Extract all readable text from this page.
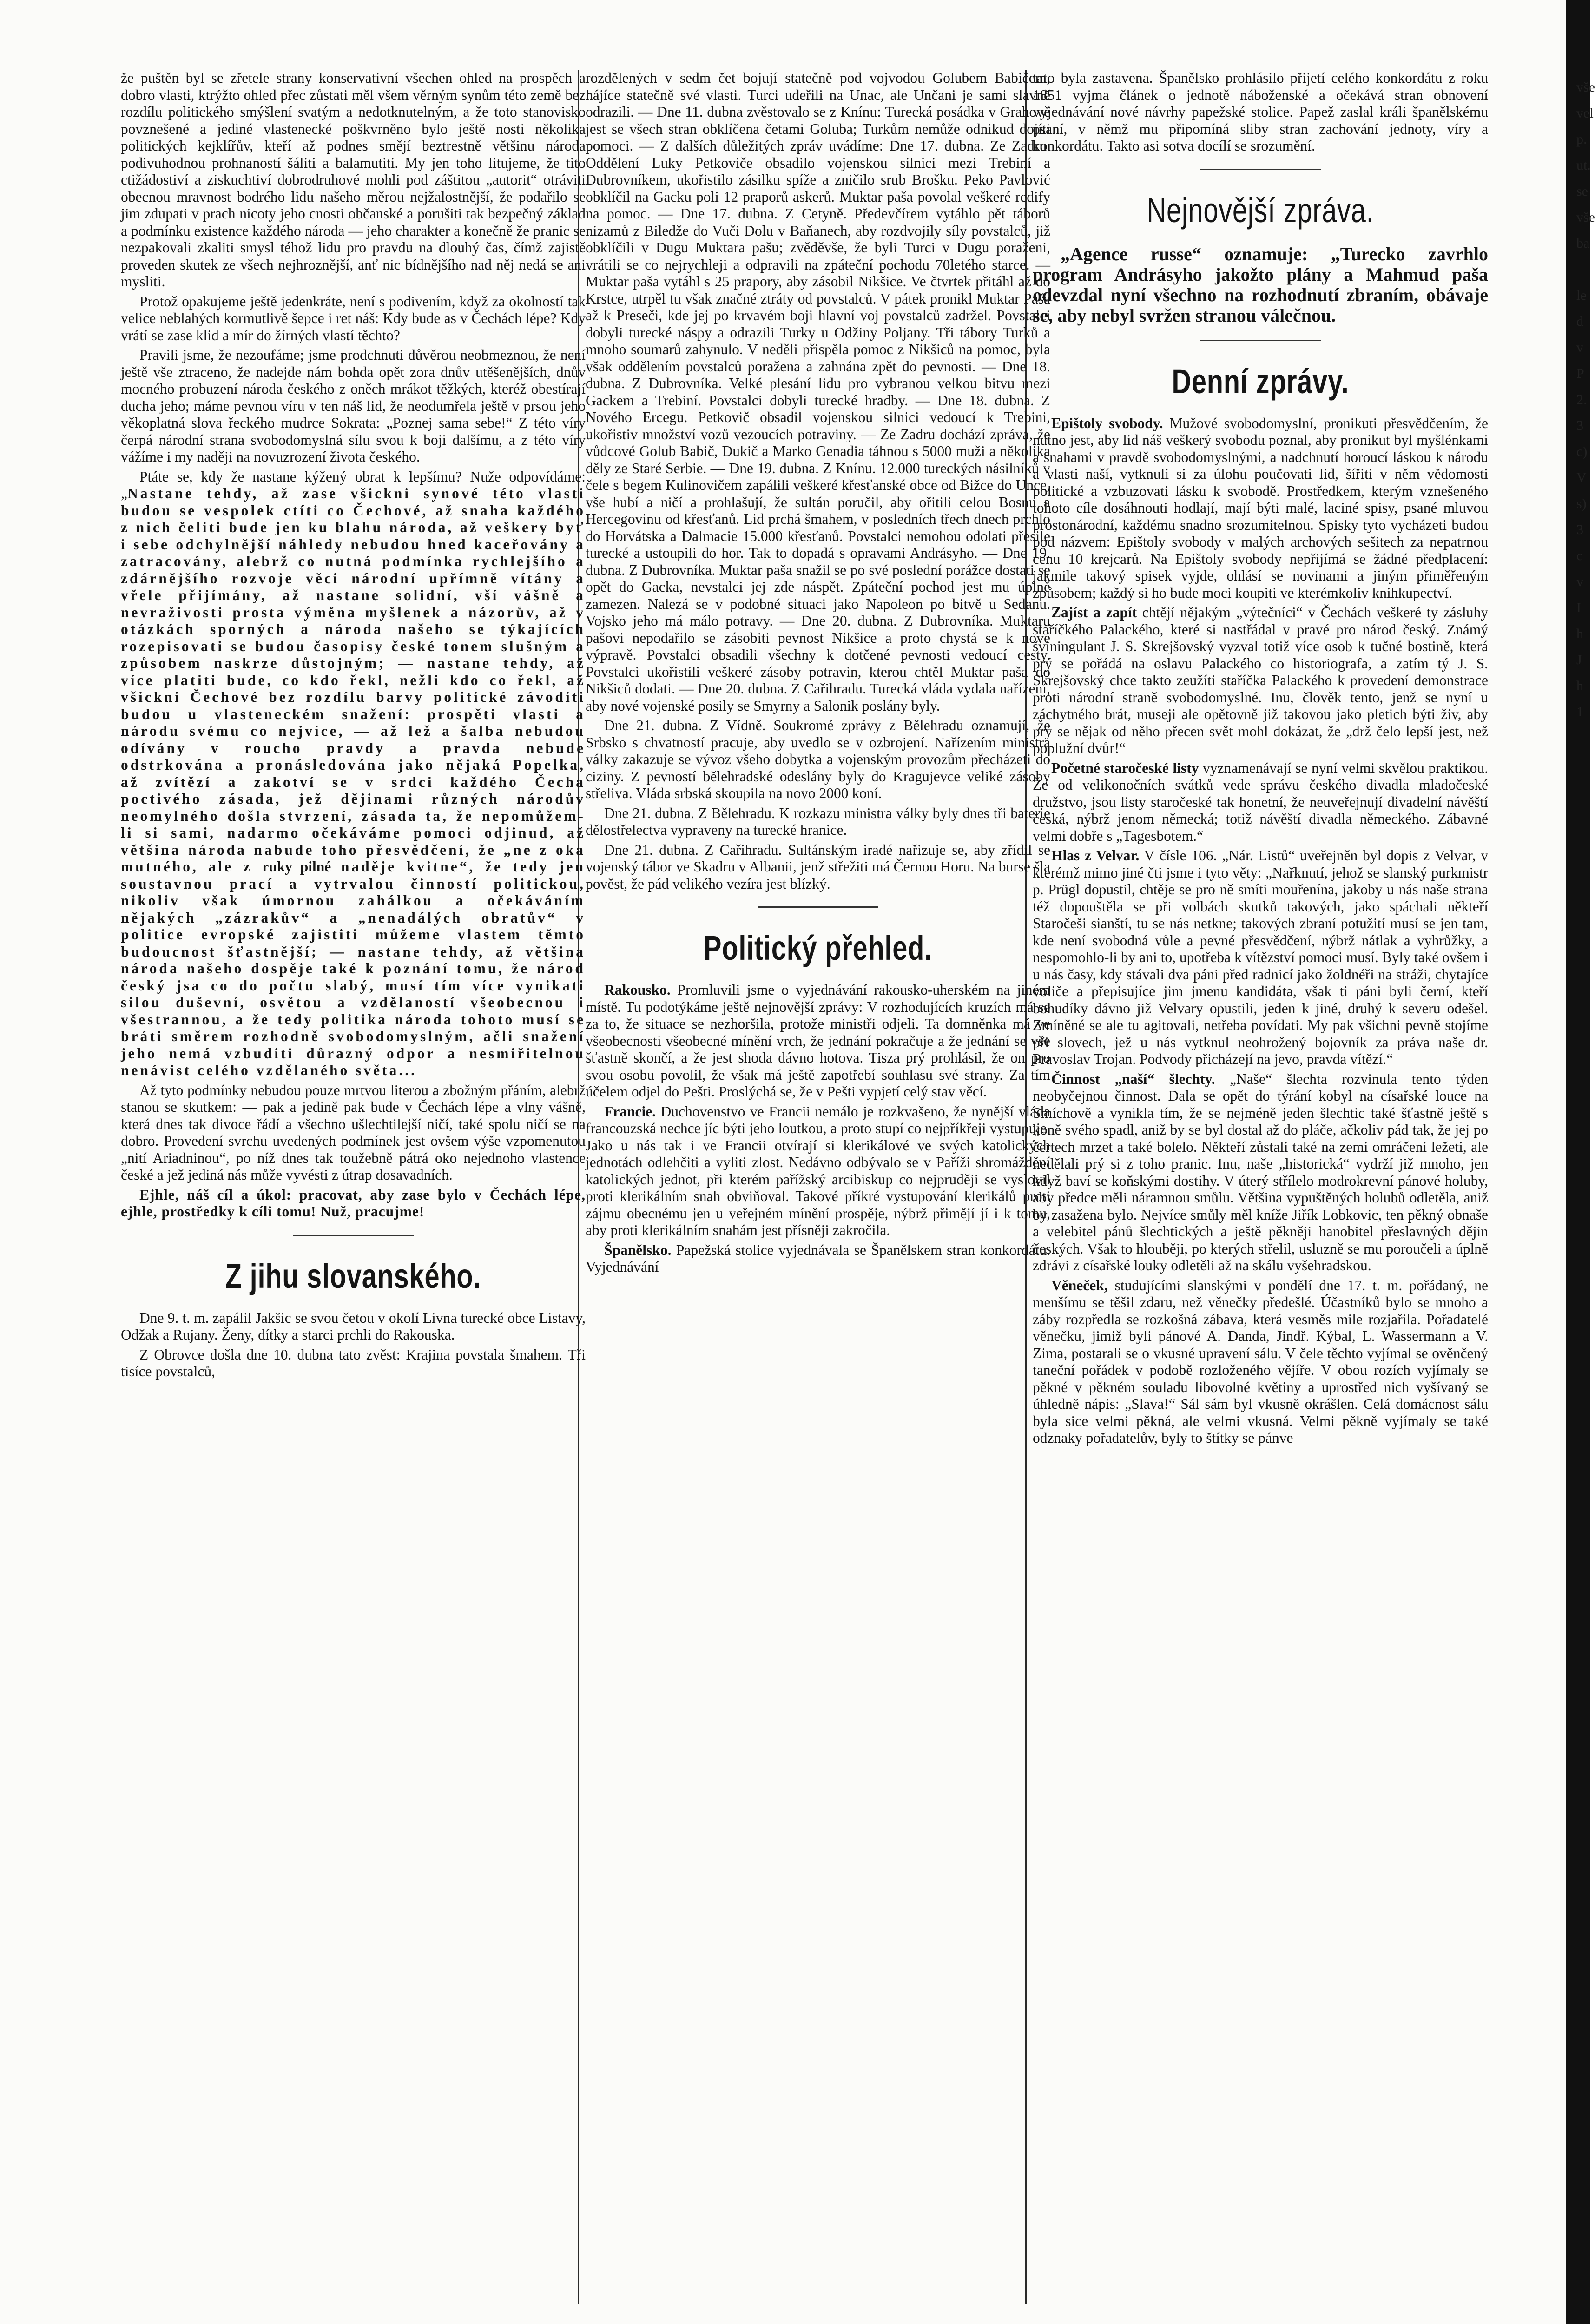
že puštěn byl se zřetele strany konservativní všechen ohled na prospěch a dobro vlasti, ktrýžto ohled přec zůstati měl všem věrným synům této země bez rozdílu politického smýšlení svatým a nedotknutelným, a že toto stanovisko povznešené a jediné vlastenecké poškvrněno bylo ještě nosti několika politických kejklířův, kteří až podnes smějí beztrestně většinu národa podivuhodnou prohnaností šáliti a balamutiti. My jen toho litujeme, že tito ctižádostiví a ziskuchtiví dobrodruhové mohli pod záštitou „autorit“ otráviti obecnou mravnost bodrého lidu našeho měrou nejžalostnější, že podařilo se jim zdupati v prach nicoty jeho cnosti občanské a porušiti tak bezpečný základ a podmínku existence každého národa — jeho charakter a konečně že pranic se nezpakovali zkaliti smysl téhož lidu pro pravdu na dlouhý čas, čímž zajistě proveden skutek ze všech nejhroznější, anť nic bídnějšího nad něj nedá se ani mysliti.

Protož opakujeme ještě jedenkráte, není s podivením, když za okolností tak velice neblahých kormutlivě šepce i ret náš: Kdy bude as v Čechách lépe? Kdy vrátí se zase klid a mír do žírných vlastí těchto?

Pravili jsme, že nezoufáme; jsme prodchnuti důvěrou neobmeznou, že není ještě vše ztraceno, že nadejde nám bohda opět zora dnův utěšenějších, dnův mocného probuzení národa českého z oněch mrákot těžkých, kteréž obestírají ducha jeho; máme pevnou víru v ten náš lid, že neodumřela ještě v prsou jeho věkoplatná slova řeckého mudrce Sokrata: „Poznej sama sebe!“ Z této víry čerpá národní strana svobodomyslná sílu svou k boji dalšímu, a z této víry vážíme i my naději na novuzrození života českého.

Ptáte se, kdy že nastane kýžený obrat k lepšímu? Nuže odpovídáme: „Nastane tehdy, až zase všickni synové této vlasti budou se vespolek ctíti co Čechové, až snaha každého z nich čeliti bude jen ku blahu národa, až veškery byť i sebe odchylnější náhledy nebudou hned kaceřovány a zatracovány, alebrž co nutná podmínka rychlejšího a zdárnějšího rozvoje věci národní upřímně vítány a vřele přijímány, až nastane solidní, vší vášně a nevraživosti prosta výměna myšlenek a názorův, až v otázkách sporných a národa našeho se týkajících rozepisovati se budou časopisy české tonem slušným a způsobem naskrze důstojným; — nastane tehdy, až více platiti bude, co kdo řekl, nežli kdo co řekl, až všickni Čechové bez rozdílu barvy politické závoditi budou u vlasteneckém snažení: prospěti vlasti a národu svému co nejvíce, — až lež a šalba nebudou odívány v roucho pravdy a pravda nebude odstrkována a pronásledována jako nějaká Popelka, až zvítězí a zakotví se v srdci každého Čecha poctivého zásada, jež dějinami různých národův neomylného došla stvrzení, zásada ta, že nepomůžem-li si sami, nadarmo očekáváme pomoci odjinud, až většina národa nabude toho přesvědčení, že „ne z oka mutného, ale z ruky pilné naděje kvitne“, že tedy jen soustavnou prací a vytrvalou činností politickou, nikoliv však úmornou zahálkou a očekáváním nějakých „zázrakův“ a „nenadálých obratův“ v politice evropské zajistiti můžeme vlastem těmto budoucnost šťastnější; — nastane tehdy, až většina národa našeho dospěje také k poznání tomu, že národ český jsa co do počtu slabý, musí tím více vynikati silou duševní, osvětou a vzdělaností všeobecnou i všestrannou, a že tedy politika národa tohoto musí se bráti směrem rozhodně svobodomyslným, ačli snažení jeho nemá vzbuditi důrazný odpor a nesmiřitelnou nenávist celého vzdělaného světa...

Až tyto podmínky nebudou pouze mrtvou literou a zbožným přáním, alebrž stanou se skutkem: — pak a jedině pak bude v Čechách lépe a vlny vášně, která dnes tak divoce řádí a všechno ušlechtilejší ničí, také spolu ničí se na dobro. Provedení svrchu uvedených podmínek jest ovšem výše vzpomenutou „nití Ariadninou“, po níž dnes tak toužebně pátrá oko nejednoho vlastence české a jež jediná nás může vyvésti z útrap dosavadních.

Ejhle, náš cíl a úkol: pracovat, aby zase bylo v Čechách lépe, ejhle, prostředky k cíli tomu! Nuž, pracujme!

Z jihu slovanského.

Dne 9. t. m. zapálil Jakšic se svou četou v okolí Livna turecké obce Listavy, Odžak a Rujany. Ženy, dítky a starci prchli do Rakouska.

Z Obrovce došla dne 10. dubna tato zvěst: Krajina povstala šmahem. Tři tisíce povstalců,

rozdělených v sedm čet bojují statečně pod vojvodou Golubem Babičem, hájíce statečně své vlasti. Turci udeřili na Unac, ale Unčani je sami slavně odrazili. — Dne 11. dubna zvěstovalo se z Knínu: Turecká posádka v Grahově jest se všech stran obklíčena četami Goluba; Turkům nemůže odnikud dojíti pomoci. — Z dalších důležitých zpráv uvádíme: Dne 17. dubna. Ze Zadru. Oddělení Luky Petkoviče obsadilo vojenskou silnici mezi Trebiní a Dubrovníkem, ukořistilo zásilku spíže a zničilo srub Brošku. Peko Pavlović obklíčil na Gacku poli 12 praporů askerů. Muktar paša povolal veškeré redify na pomoc. — Dne 17. dubna. Z Cetyně. Předevčírem vytáhlo pět táborů nizamů z Biledže do Vuči Dolu v Baňanech, aby rozdvojily síly povstalců, již obklíčili v Dugu Muktara pašu; zvěděvše, že byli Turci v Dugu poraženi, vrátili se co nejrychleji a odpravili na zpáteční pochodu 70letého starce. — Muktar paša vytáhl s 25 prapory, aby zásobil Nikšice. Ve čtvrtek přitáhl až do Krstce, utrpěl tu však značné ztráty od povstalců. V pátek pronikl Muktar Paša až k Preseči, kde jej po krvavém boji hlavní voj povstalců zadržel. Povstalci dobyli turecké náspy a odrazili Turky u Odžiny Poljany. Tři tábory Turků a mnoho soumarů zahynulo. V neděli přispěla pomoc z Nikšiců na pomoc, byla však oddělením povstalců poražena a zahnána zpět do pevnosti. — Dne 18. dubna. Z Dubrovníka. Velké plesání lidu pro vybranou velkou bitvu mezi Gackem a Trebiní. Povstalci dobyli turecké hradby. — Dne 18. dubna. Z Nového Ercegu. Petkovič obsadil vojenskou silnici vedoucí k Trebini, ukořistiv množství vozů vezoucích potraviny. — Ze Zadru dochází zpráva, že vůdcové Golub Babič, Dukič a Marko Genadia táhnou s 5000 muži a několika děly ze Staré Serbie. — Dne 19. dubna. Z Knínu. 12.000 tureckých násilníků v čele s begem Kulinovičem zapálili veškeré křesťanské obce od Bižce do Unce, vše hubí a ničí a prohlašují, že sultán poručil, aby ořitili celou Bosnu a Hercegovinu od křesťanů. Lid prchá šmahem, v posledních třech dnech prchlo do Horvátska a Dalmacie 15.000 křesťanů. Povstalci nemohou odolati přesile turecké a ustoupili do hor. Tak to dopadá s opravami Andrásyho. — Dne 19. dubna. Z Dubrovníka. Muktar paša snažil se po své poslední porážce dostati se opět do Gacka, nevstalci jej zde náspět. Zpáteční pochod jest mu úplně zamezen. Nalezá se v podobné situaci jako Napoleon po bitvě u Sedanu. Vojsko jeho má málo potravy. — Dne 20. dubna. Z Dubrovníka. Muktaru pašovi nepodařilo se zásobiti pevnost Nikšice a proto chystá se k nové výpravě. Povstalci obsadili všechny k dotčené pevnosti vedoucí cesty. Povstalci ukořistili veškeré zásoby potravin, kterou chtěl Muktar paša do Nikšiců dodati. — Dne 20. dubna. Z Cařihradu. Turecká vláda vydala nařízení, aby nové vojenské posily se Smyrny a Salonik poslány byly.

Dne 21. dubna. Z Vídně. Soukromé zprávy z Bělehradu oznamují, že Srbsko s chvatností pracuje, aby uvedlo se v ozbrojení. Nařízením ministra války zakazuje se vývoz všeho dobytka a vojenským provozům přecházeti do ciziny. Z pevností bělehradské odeslány byly do Kragujevce veliké zásoby střeliva. Vláda srbská skoupila na novo 2000 koní.

Dne 21. dubna. Z Bělehradu. K rozkazu ministra války byly dnes tři baterie dělostřelectva vypraveny na turecké hranice.

Dne 21. dubna. Z Cařihradu. Sultánským iradé nařizuje se, aby zřídil se vojenský tábor ve Skadru v Albanii, jenž střežiti má Černou Horu. Na burse šla pověst, že pád velikého vezíra jest blízký.

Politický přehled.

Rakousko. Promluvili jsme o vyjednávání rakousko-uherském na jiném místě. Tu podotýkáme ještě nejnovější zprávy: V rozhodujících kruzích má se za to, že situace se nezhoršila, protože ministři odjeli. Ta domněnka má ve všeobecnosti všeobecné mínění vrch, že jednání pokračuje a že jednání se vše šťastně skončí, a že jest shoda dávno hotova. Tisza prý prohlásil, že on pro svou osobu povolil, že však má ještě zapotřebí souhlasu své strany. Za tím účelem odjel do Pešti. Proslýchá se, že v Pešti vypjetí celý stav věcí.

Francie. Duchovenstvo ve Francii nemálo je rozkvašeno, že nynější vláda francouzská nechce jíc býti jeho loutkou, a proto stupí co nejpříkřeji vystupuje. Jako u nás tak i ve Francii otvírají si klerikálové ve svých katolických jednotách odlehčiti a vyliti zlost. Nedávno odbývalo se v Paříži shromáždění katolických jednot, při kterém pařížský arcibiskup co nejpruději se vyslovil proti klerikálním snah obviňoval. Takové příkré vystupování klerikálů proti zájmu obecnému jen u veřejném mínění prospěje, nýbrž přimějí jí i k tomu, aby proti klerikálním snahám jest přísněji zakročila.

Španělsko. Papežská stolice vyjednávala se Španělskem stran konkordátu. Vyjednávání

tato byla zastavena. Španělsko prohlásilo přijetí celého konkordátu z roku 1851 vyjma článek o jednotě náboženské a očekává stran obnovení vyjednávání nové návrhy papežské stolice. Papež zaslal králi španělskému psaní, v němž mu připomíná sliby stran zachování jednoty, víry a konkordátu. Takto asi sotva docílí se srozumění.

Nejnovější zpráva.

„Agence russe“ oznamuje: „Turecko zavrhlo program Andrásyho jakožto plány a Mahmud paša odevzdal nyní všechno na rozhodnutí zbraním, obávaje se, aby nebyl svržen stranou válečnou.

Denní zprávy.

Epištoly svobody. Mužové svobodomyslní, pronikuti přesvědčením, že nutno jest, aby lid náš veškerý svobodu poznal, aby pronikut byl myšlénkami a snahami v pravdě svobodomyslnými, a nadchnutí horoucí láskou k národu a vlasti naší, vytknuli si za úlohu poučovati lid, šířiti v něm vědomosti politické a vzbuzovati lásku k svobodě. Prostředkem, kterým vznešeného tohoto cíle dosáhnouti hodlají, mají býti malé, laciné spisy, psané mluvou prostonárodní, každému snadno srozumitelnou. Spisky tyto vycházeti budou pod názvem: Epištoly svobody v malých archových sešitech za nepatrnou cenu 10 krejcarů. Na Epištoly svobody nepřijímá se žádné předplacení: jakmile takový spisek vyjde, ohlásí se novinami a jiným přiměřeným způsobem; každý si ho bude moci koupiti ve kterémkoliv knihkupectví.

Zajíst a zapít chtějí nějakým „výtečníci“ v Čechách veškeré ty zásluhy staříčkého Palackého, které si nastřádal v pravé pro národ český. Známý šviningulant J. S. Skrejšovský vyzval totiž více osob k tučné bostině, která prý se pořádá na oslavu Palackého co historiografa, a zatím tý J. S. Skrejšovský chce takto zeužíti staříčka Palackého k provedení demonstrace proti národní straně svobodomyslné. Inu, člověk tento, jenž se nyní u záchytného brát, museji ale opětovně již takovou jako pletich býti živ, aby prý se nějak od něho přecen svět mohl dokázat, že „drž čelo lepší jest, než poplužní dvůr!“

Početné staročeské listy vyznamenávají se nyní velmi skvělou praktikou. Že od velikonočních svátků vede správu českého divadla mladočeské družstvo, jsou listy staročeské tak honetní, že neuveřejnují divadelní návěští česká, nýbrž jenom německá; totiž návěští divadla německého. Zábavné velmi dobře s „Tagesbotem.“

Hlas z Velvar. V čísle 106. „Nár. Listů“ uveřejněn byl dopis z Velvar, v kterémž mimo jiné čti jsme i tyto věty: „Nařknutí, jehož se slanský purkmistr p. Prügl dopustil, chtěje se pro ně smíti mouřenína, jakoby u nás naše strana též dopouštěla se při volbách skutků takových, jako spáchali někteří Staročeši sianští, tu se nás netkne; takových zbraní potužití musí se jen tam, kde není svobodná vůle a pevné přesvědčení, nýbrž nátlak a vyhrůžky, a nespomohlo-li by ani to, upotřeba k vítězství pomoci musí. Byly také ovšem i u nás časy, kdy stávali dva páni před radnicí jako žoldnéři na stráži, chytajíce voliče a přepisujíce jim jmenu kandidáta, však ti páni byli černí, kteří bohudíky dávno již Velvary opustili, jeden k jiné, druhý k severu odešel. Zmíněné se ale tu agitovali, netřeba povídati. My pak všichni pevně stojíme při slovech, jež u nás vytknul neohrožený bojovník za práva naše dr. Pravoslav Trojan. Podvody přicházejí na jevo, pravda vítězí.“

Činnost „naší“ šlechty. „Naše“ šlechta rozvinula tento týden neobyčejnou činnost. Dala se opět do týrání kobyl na císařské louce na Smíchově a vynikla tím, že se nejméně jeden šlechtic také šťastně ještě s koně svého spadl, aniž by se byl dostal až do pláče, ačkoliv pád tak, že jej po čertech mrzet a také bolelo. Někteří zůstali také na zemi omráčeni ležeti, ale nedělali prý si z toho pranic. Inu, naše „historická“ vydrží již mnoho, jen když baví se koňskými dostihy. V úterý střílelo modrokrevní pánové holuby, aby předce měli náramnou smůlu. Většina vypuštěných holubů odletěla, aniž by zasažena bylo. Nejvíce smůly měl kníže Jiřík Lobkovic, ten pěkný obnaše a velebitel pánů šlechtických a ještě pěkněji hanobitel přeslavných dějin českých. Však to hlouběji, po kterých střelil, usluzně se mu poroučeli a úplně zdrávi z císařské louky odletěli až na skálu vyšehradskou.

Věneček, studujícími slanskými v pondělí dne 17. t. m. pořádaný, ne menšímu se těšil zdaru, než věnečky předešlé. Účastníků bylo se mnoho a záby rozpředla se rozkošná zábava, která vesměs mile rozjařila. Pořadatelé věnečku, jimiž byli pánové A. Danda, Jindř. Kýbal, L. Wassermann a V. Zima, postarali se o vkusné upravení sálu. V čele těchto vyjímal se ověnčený taneční pořádek v podobě rozloženého vějíře. V obou rozích vyjímaly se pěkné v pěkném souladu libovolné květiny a uprostřed nich vyšívaný se úhledně nápis: „Slava!“ Sál sám byl vkusně okrášlen. Celá domácnost sálu byla sice velmi pěkná, ale velmi vkusná. Velmi pěkně vyjímaly se také odznaky pořadatelův, byly to štítky se pánve

vše
vel
p.
ut.
se
vše
ba
le
d
v
P
2.
3
c)
V
s)
3
c
v
I
h
J
h
1
